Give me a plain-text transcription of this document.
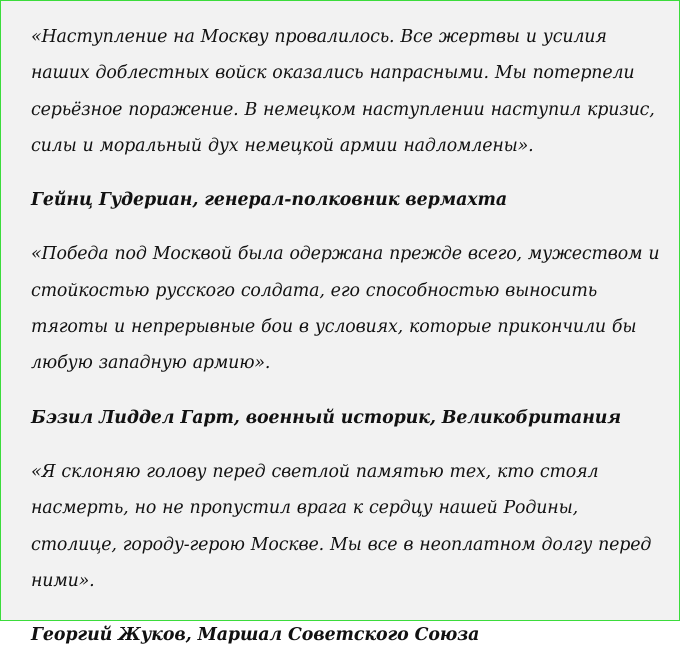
«Наступление на Москву провалилось. Все жертвы и усилия наших доблестных войск оказались напрасными. Мы потерпели серьёзное поражение. В немецком наступлении наступил кризис, силы и моральный дух немецкой армии надломлены».

Гейнц Гудериан, генерал-полковник вермахта

«Победа под Москвой была одержана прежде всего, мужеством и стойкостью русского солдата, его способностью выносить тяготы и непрерывные бои в условиях, которые прикончили бы любую западную армию».

Бэзил Лиддел Гарт, военный историк, Великобритания

«Я склоняю голову перед светлой памятью тех, кто стоял насмерть, но не пропустил врага к сердцу нашей Родины, столице, городу-герою Москве. Мы все в неоплатном долгу перед ними».

Георгий Жуков, Маршал Советского Союза
